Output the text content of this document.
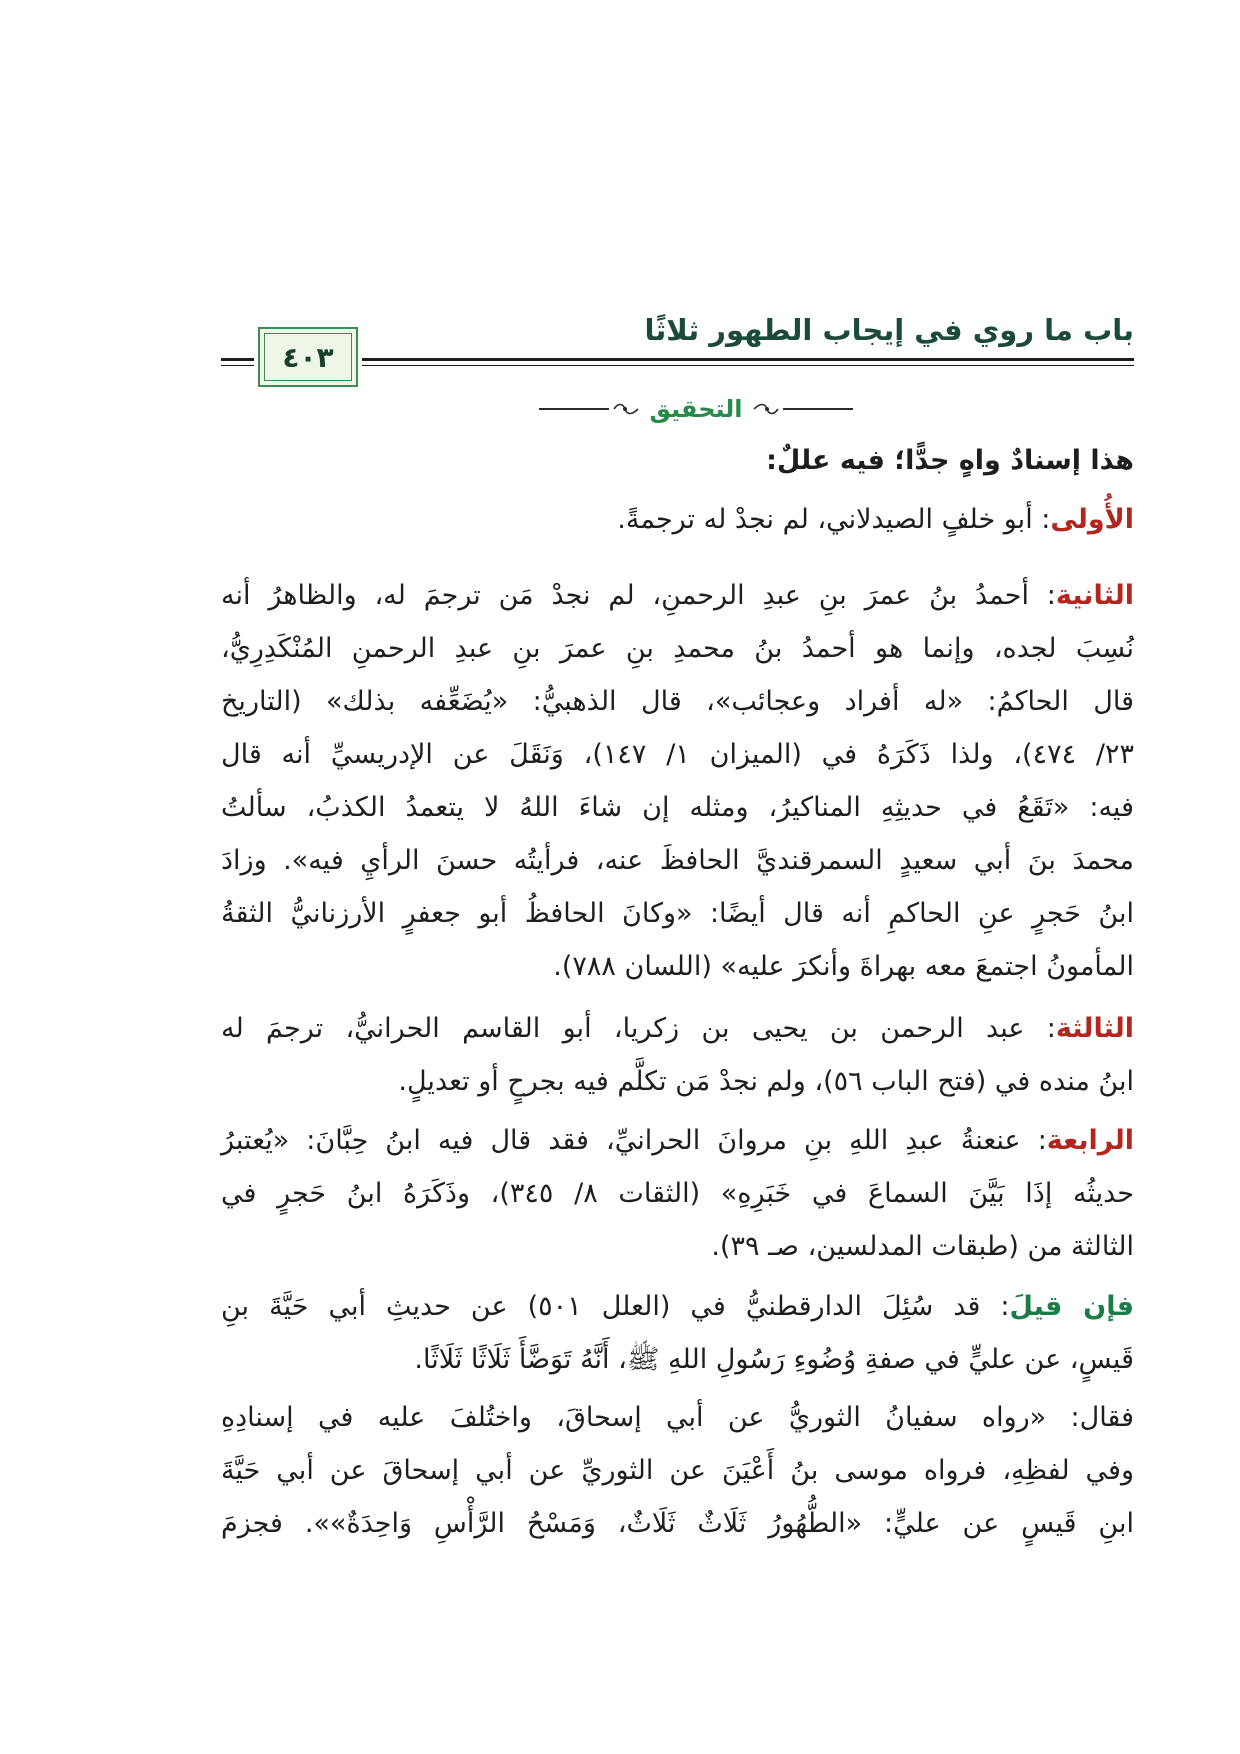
باب ما روي في إيجاب الطهور ثلاثًا
٤٠٣
التحقيق
هذا إسنادٌ واهٍ جدًّا؛ فيه عللٌ:
الأُولى: أبو خلفٍ الصيدلاني، لم نجدْ له ترجمةً.
الثانية: أحمدُ بنُ عمرَ بنِ عبدِ الرحمنِ، لم نجدْ مَن ترجمَ له، والظاهرُ أنه
نُسِبَ لجده، وإنما هو أحمدُ بنُ محمدِ بنِ عمرَ بنِ عبدِ الرحمنِ المُنْكَدِرِيُّ،
قال الحاكمُ: «له أفراد وعجائب»، قال الذهبيُّ: «يُضَعِّفه بذلك» (التاريخ
٢٣/ ٤٧٤)، ولذا ذَكَرَهُ في (الميزان ١/ ١٤٧)، وَنَقَلَ عن الإدريسيِّ أنه قال
فيه: «تَقَعُ في حديثِهِ المناكيرُ، ومثله إن شاءَ اللهُ لا يتعمدُ الكذبُ، سألتُ
محمدَ بنَ أبي سعيدٍ السمرقنديَّ الحافظَ عنه، فرأيتُه حسنَ الرأيِ فيه». وزادَ
ابنُ حَجرٍ عنِ الحاكمِ أنه قال أيضًا: «وكانَ الحافظُ أبو جعفرٍ الأرزنانيُّ الثقةُ
المأمونُ اجتمعَ معه بهراةَ وأنكرَ عليه» (اللسان ٧٨٨).
الثالثة: عبد الرحمن بن يحيى بن زكريا، أبو القاسم الحرانيُّ، ترجمَ له
ابنُ منده في (فتح الباب ٥٦)، ولم نجدْ مَن تكلَّم فيه بجرحٍ أو تعديلٍ.
الرابعة: عنعنةُ عبدِ اللهِ بنِ مروانَ الحرانيِّ، فقد قال فيه ابنُ حِبَّانَ: «يُعتبرُ
حديثُه إذَا بَيَّنَ السماعَ في خَبَرِهِ» (الثقات ٨/ ٣٤٥)، وذَكَرَهُ ابنُ حَجرٍ في
الثالثة من (طبقات المدلسين، صـ ٣٩).
فإن قيلَ: قد سُئِلَ الدارقطنيُّ في (العلل ٥٠١) عن حديثِ أبي حَيَّةَ بنِ
قَيسٍ، عن عليٍّ في صفةِ وُضُوءِ رَسُولِ اللهِ ﷺ، أَنَّهُ تَوَضَّأَ ثَلَاثًا ثَلَاثًا.
فقال: «رواه سفيانُ الثوريُّ عن أبي إسحاقَ، واختُلفَ عليه في إسنادِهِ
وفي لفظِهِ، فرواه موسى بنُ أَعْيَنَ عن الثوريِّ عن أبي إسحاقَ عن أبي حَيَّةَ
ابنِ قَيسٍ عن عليٍّ: «الطُّهُورُ ثَلَاثٌ ثَلَاثٌ، وَمَسْحُ الرَّأْسِ وَاحِدَةٌ»». فجزمَ
